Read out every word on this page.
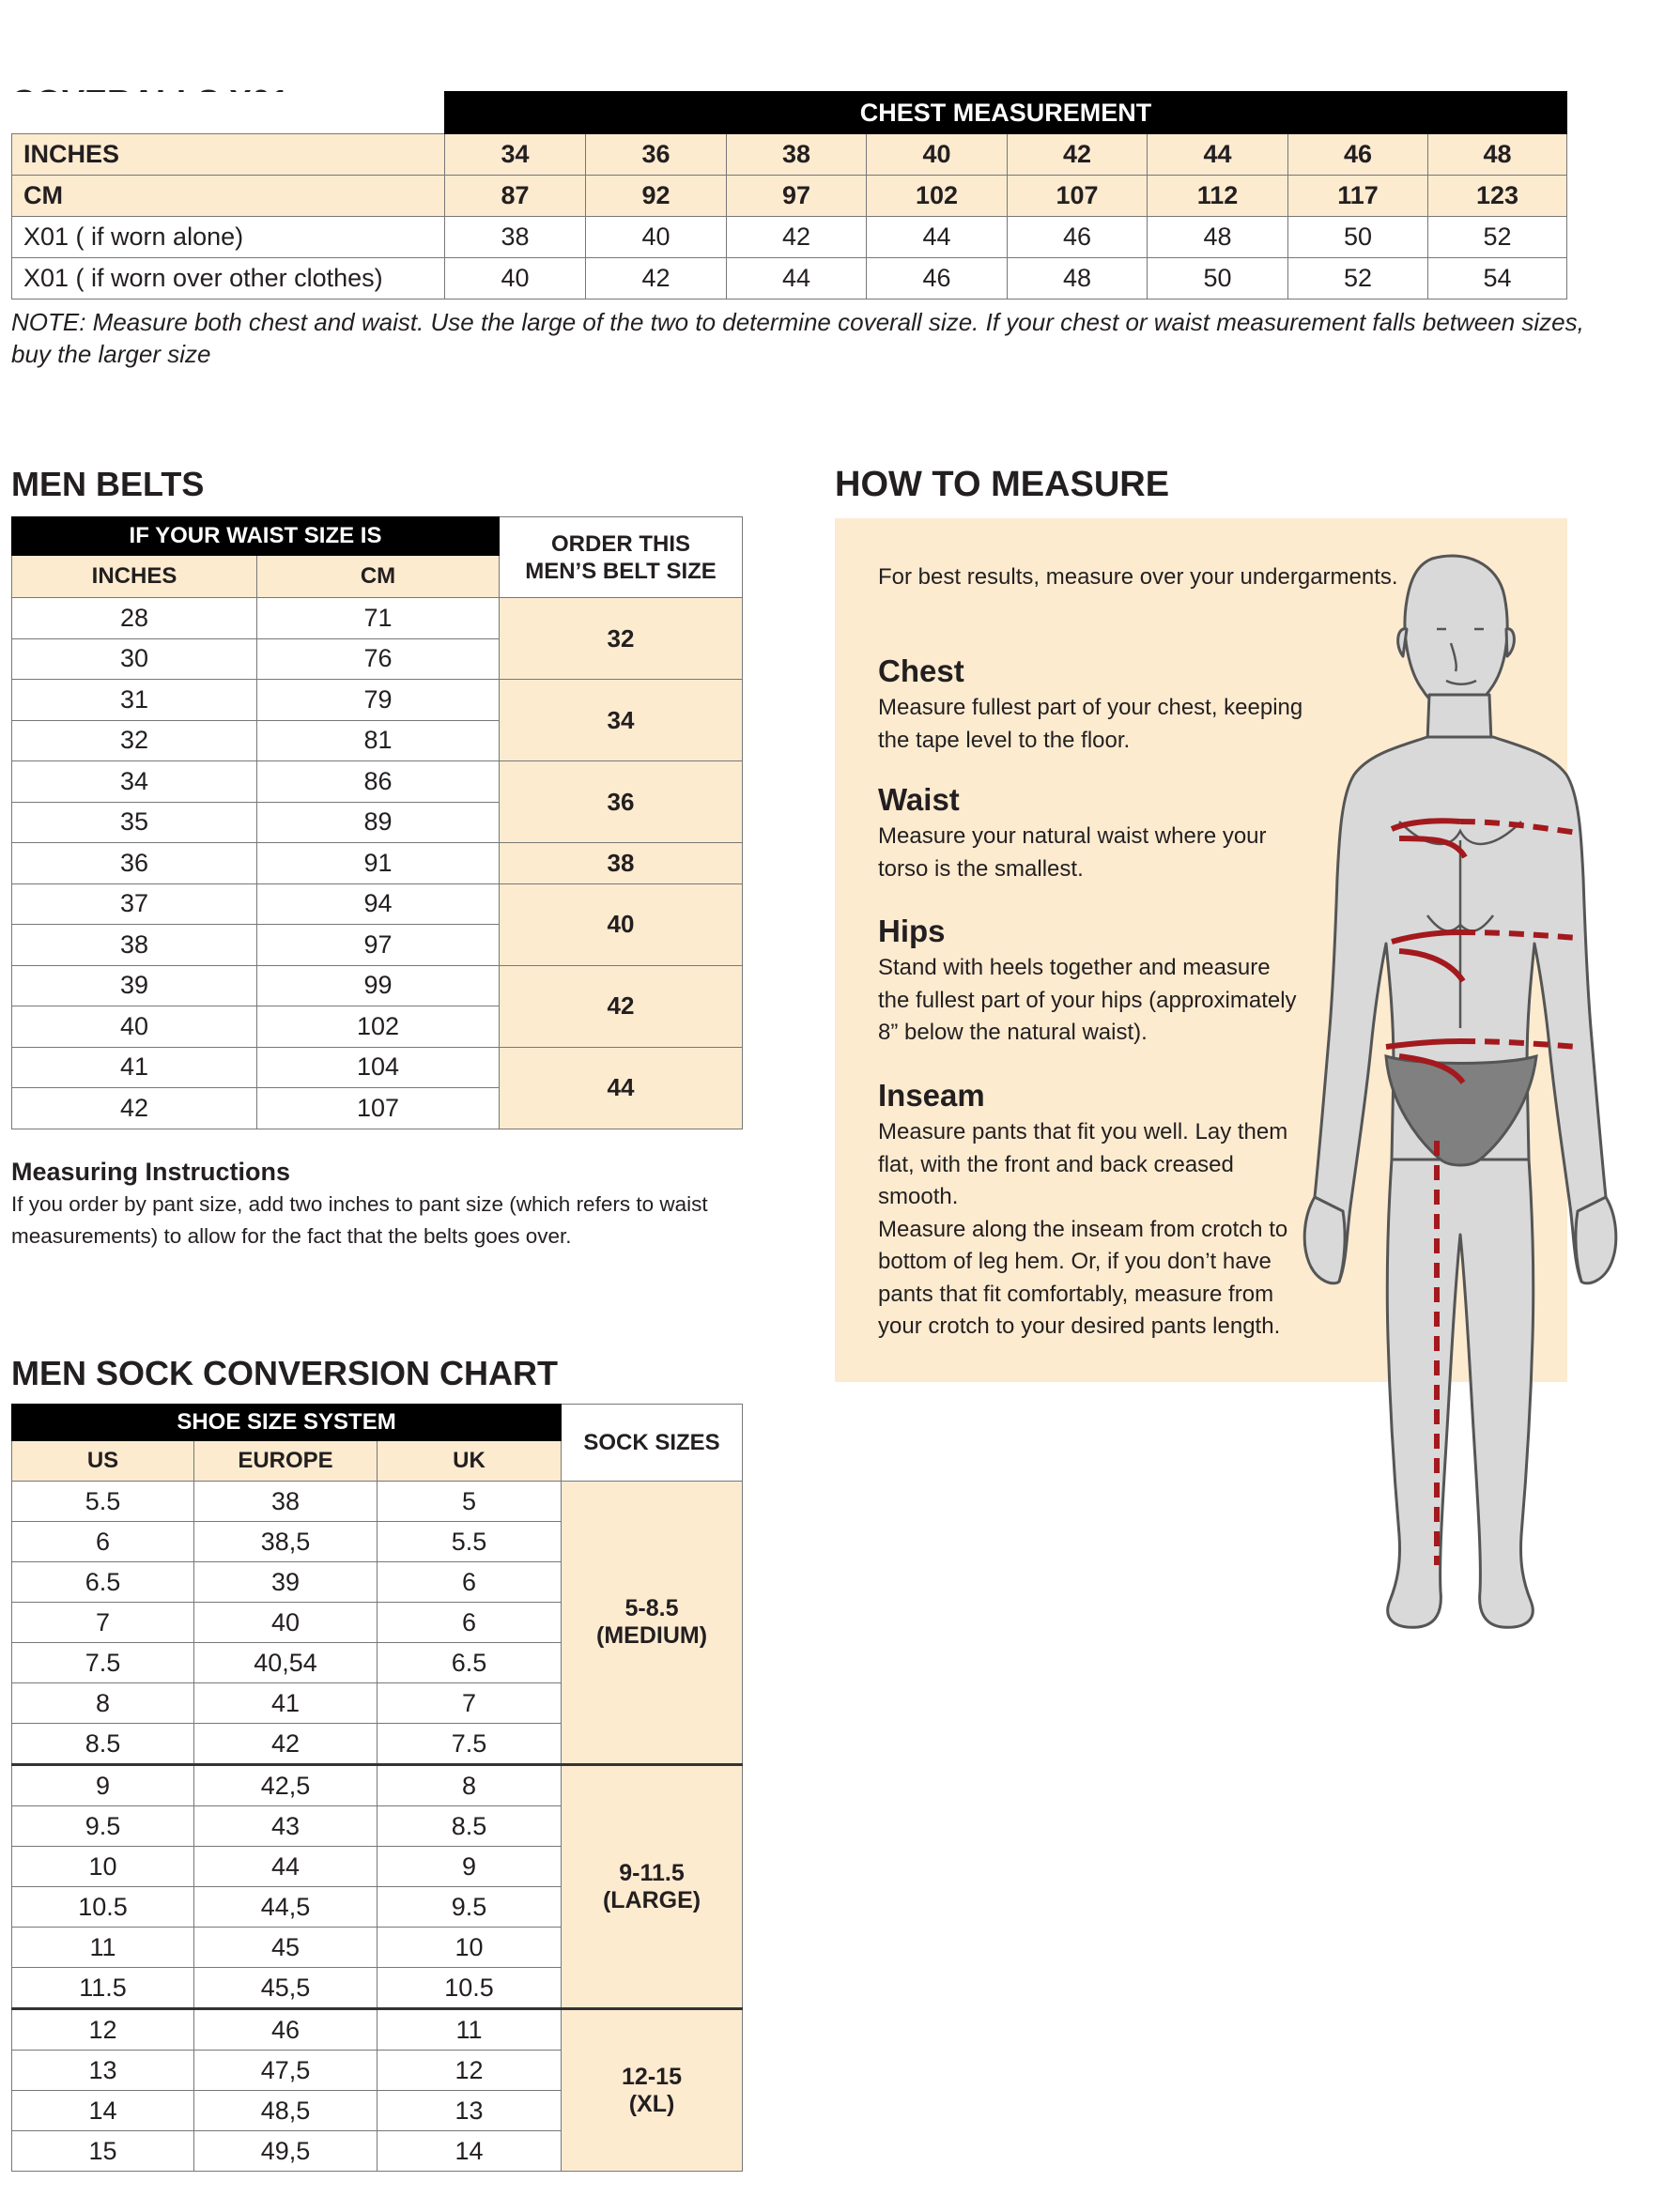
	CHEST MEASUREMENT							
INCHES	34	36	38	40	42	44	46	48
CM	87	92	97	102	107	112	117	123
X01 ( if worn alone)	38	40	42	44	46	48	50	52
X01 ( if worn over other clothes)	40	42	44	46	48	50	52	54
NOTE: Measure both chest and waist. Use the large of the two to determine coverall size. If your chest or waist measurement falls between sizes,
buy the larger size
MEN BELTS
IF YOUR WAIST SIZE IS		ORDER THIS
MEN’S BELT SIZE

INCHES	CM	
28	71	32
30	76	
31	79	34
32	81	
34	86	36
35	89	
36	91	38
37	94	40
38	97	
39	99	42
40	102	
41	104	44
42	107	
Measuring Instructions
If you order by pant size, add two inches to pant size (which refers to waist
measurements) to allow for the fact that the belts goes over.
MEN SOCK CONVERSION CHART
SHOE SIZE SYSTEM			SOCK SIZES
US	EUROPE	UK	
5.5	38	5	5-8.5
(MEDIUM)

6	38,5	5.5	
6.5	39	6	
7	40	6	
7.5	40,54	6.5	
8	41	7	
8.5	42	7.5	
9	42,5	8	9-11.5
(LARGE)

9.5	43	8.5	
10	44	9	
10.5	44,5	9.5	
11	45	10	
11.5	45,5	10.5	
12	46	11	12-15
(XL)

13	47,5	12	
14	48,5	13	
15	49,5	14	
HOW TO MEASURE
For best results, measure over your undergarments.
Chest
Measure fullest part of your chest, keeping
the tape level to the floor.
Waist
Measure your natural waist where your
torso is the smallest.
Hips
Stand with heels together and measure
the fullest part of your hips (approximately
8” below the natural waist).
Inseam
Measure pants that fit you well. Lay them
flat, with the front and back creased
smooth.
Measure along the inseam from crotch to
bottom of leg hem. Or, if you don’t have
pants that fit comfortably, measure from
your crotch to your desired pants length.
